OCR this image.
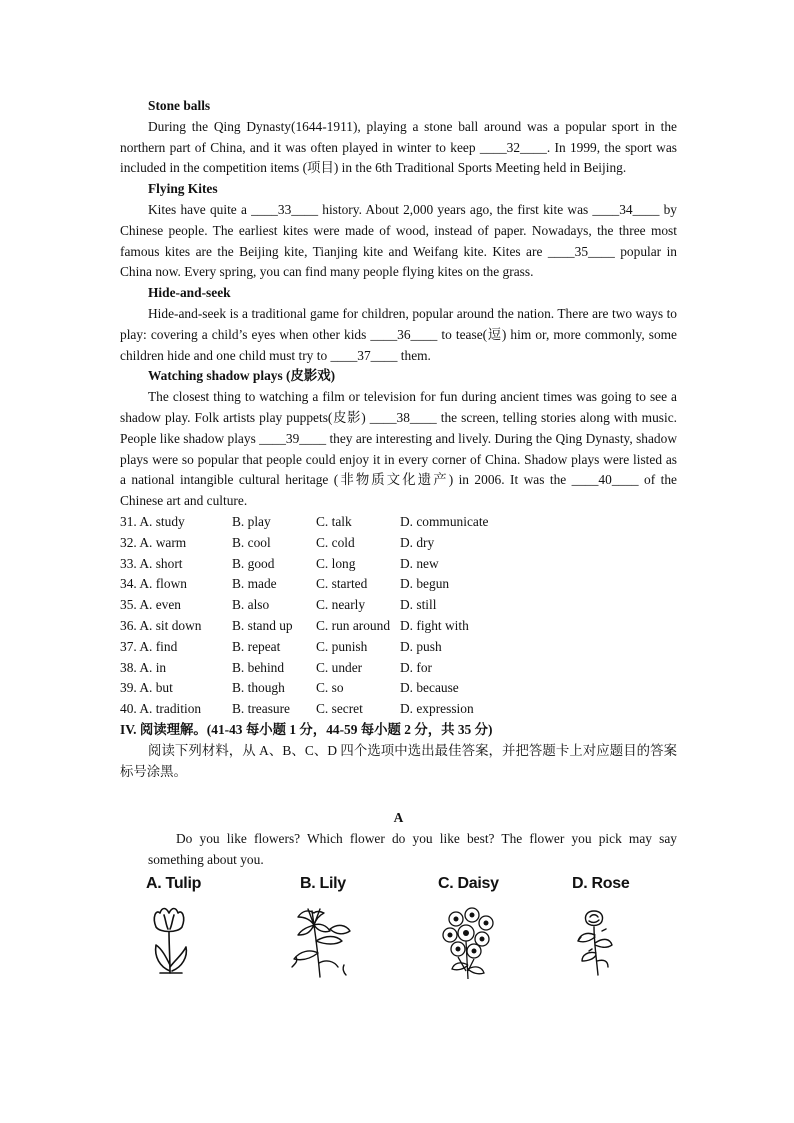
Stone balls

During the Qing Dynasty(1644-1911), playing a stone ball around was a popular sport in the northern part of China, and it was often played in winter to keep ____32____. In 1999, the sport was included in the competition items (项目) in the 6th Traditional Sports Meeting held in Beijing.

Flying Kites

Kites have quite a ____33____ history. About 2,000 years ago, the first kite was ____34____ by Chinese people. The earliest kites were made of wood, instead of paper. Nowadays, the three most famous kites are the Beijing kite, Tianjing kite and Weifang kite. Kites are ____35____ popular in China now. Every spring, you can find many people flying kites on the grass.

Hide-and-seek

Hide-and-seek is a traditional game for children, popular around the nation. There are two ways to play: covering a child’s eyes when other kids ____36____ to tease(逗) him or, more commonly, some children hide and one child must try to ____37____ them.

Watching shadow plays (皮影戏)

The closest thing to watching a film or television for fun during ancient times was going to see a shadow play. Folk artists play puppets(皮影) ____38____ the screen, telling stories along with music. People like shadow plays ____39____ they are interesting and lively. During the Qing Dynasty, shadow plays were so popular that people could enjoy it in every corner of China. Shadow plays were listed as a national intangible cultural heritage (非物质文化遗产) in 2006. It was the ____40____ of the Chinese art and culture.

31. A. study	B. play	C. talk	D. communicate
32. A. warm	B. cool	C. cold	D. dry
33. A. short	B. good	C. long	D. new
34. A. flown	B. made	C. started	D. begun
35. A. even	B. also	C. nearly	D. still
36. A. sit down	B. stand up	C. run around D. fight with
37. A. find	B. repeat	C. punish	D. push
38. A. in	B. behind	C. under	D. for
39. A. but	B. though	C. so	D. because
40. A. tradition	B. treasure	C. secret	D. expression
IV. 阅读理解。(41-43 每小题 1 分，44-59 每小题 2 分，共 35 分)

阅读下列材料，从 A、B、C、D 四个选项中选出最佳答案，并把答题卡上对应题目的答案标号涂黑。

A

Do you like flowers? Which flower do you like best? The flower you pick may say something about you.

A. Tulip	B. Lily	C. Daisy	D. Rose
